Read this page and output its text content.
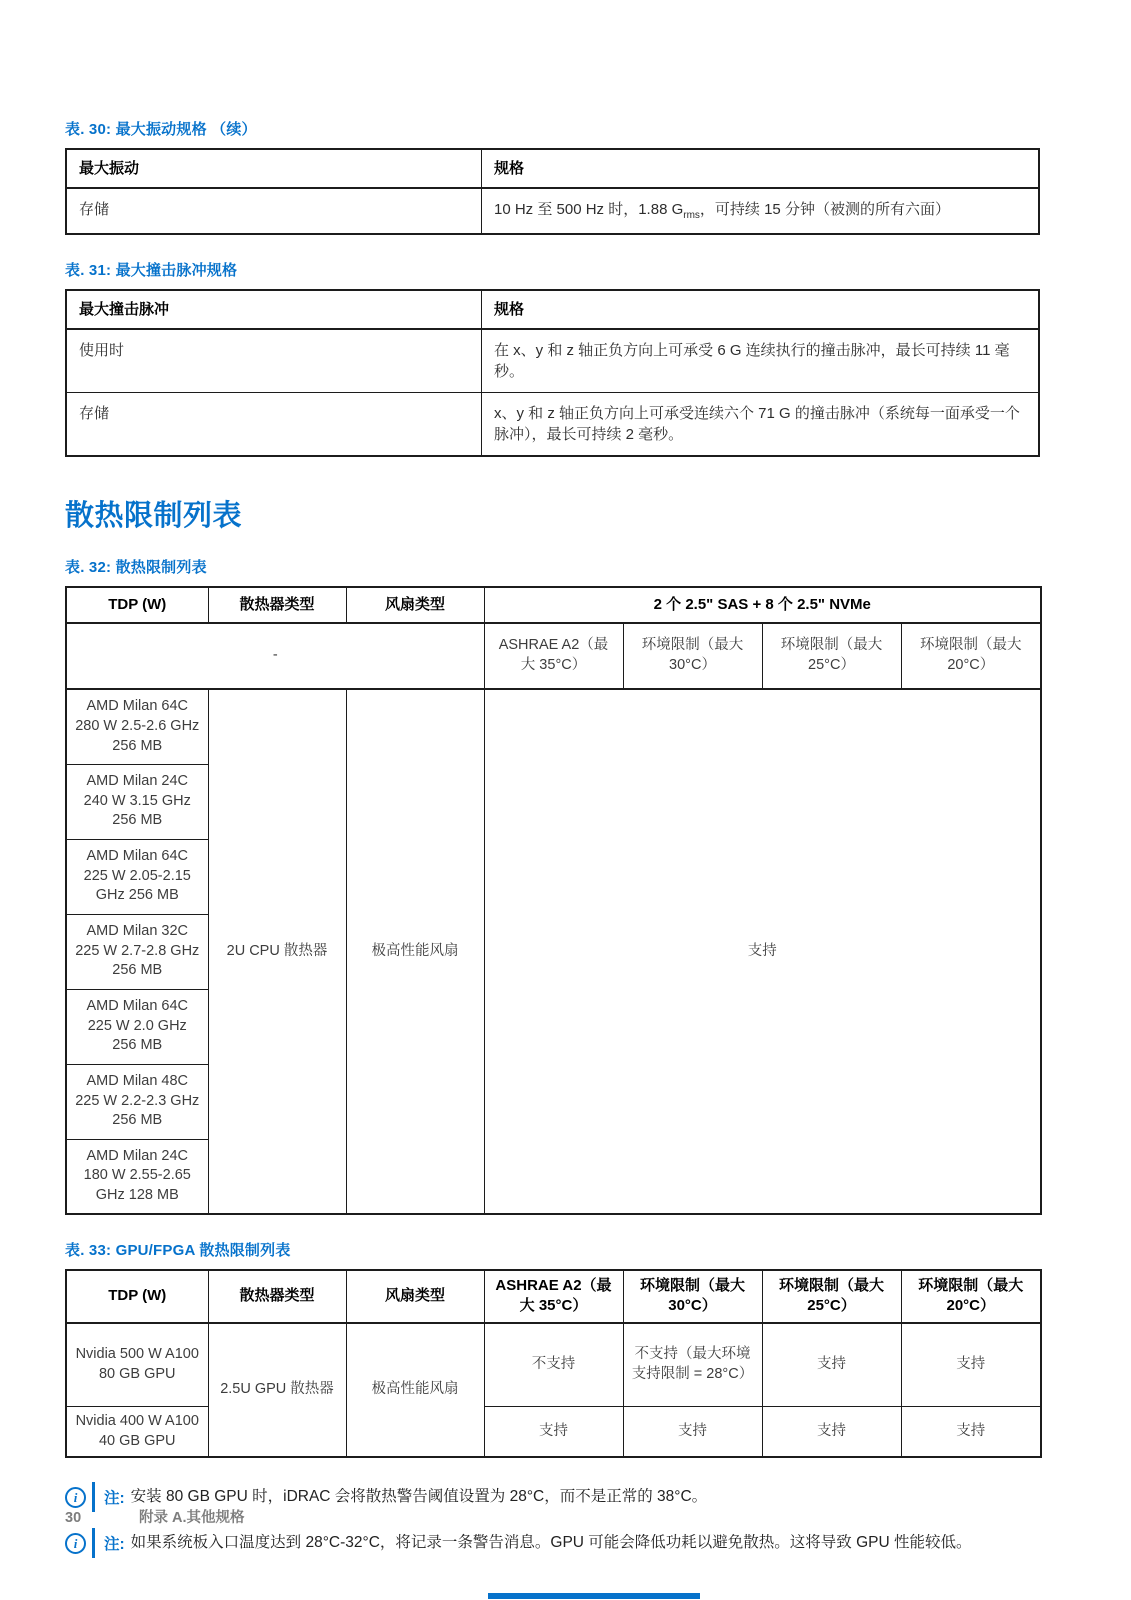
表. 30: 最大振动规格 （续）
最大振动	规格
存储	10 Hz 至 500 Hz 时，1.88 $G_{rms}$，可持续 15 分钟（被测的所有六面）
表. 31: 最大撞击脉冲规格
最大撞击脉冲	规格
使用时	在 x、y 和 z 轴正负方向上可承受 6 G 连续执行的撞击脉冲，最长可持续 11 毫秒。
存储	x、y 和 z 轴正负方向上可承受连续六个 71 G 的撞击脉冲（系统每一面承受一个脉冲），最长可持续 2 毫秒。
散热限制列表
表. 32: 散热限制列表
TDP (W)	散热器类型	风扇类型	2 个 2.5" SAS + 8 个 2.5" NVMe			
-			ASHRAE A2（最大 35°C）	环境限制（最大 30°C）	环境限制（最大 25°C）	环境限制（最大 20°C）
AMD Milan 64C 280 W 2.5-2.6 GHz 256 MB	2U CPU 散热器	极高性能风扇	支持			
AMD Milan 24C 240 W 3.15 GHz 256 MB						
AMD Milan 64C 225 W 2.05-2.15 GHz 256 MB						
AMD Milan 32C 225 W 2.7-2.8 GHz 256 MB						
AMD Milan 64C 225 W 2.0 GHz 256 MB						
AMD Milan 48C 225 W 2.2-2.3 GHz 256 MB						
AMD Milan 24C 180 W 2.55-2.65 GHz 128 MB						
表. 33: GPU/FPGA 散热限制列表
TDP (W)	散热器类型	风扇类型	ASHRAE A2（最大 35°C）	环境限制（最大 30°C）	环境限制（最大 25°C）	环境限制（最大 20°C）
Nvidia 500 W A100 80 GB GPU	2.5U GPU 散热器	极高性能风扇	不支持	不支持（最大环境支持限制 = 28°C）	支持	支持
Nvidia 400 W A100 40 GB GPU			支持	支持	支持	支持
i	注: 安装 80 GB GPU 时，iDRAC 会将散热警告阈值设置为 28°C，而不是正常的 38°C。
i	注: 如果系统板入口温度达到 28°C-32°C，将记录一条警告消息。GPU 可能会降低功耗以避免散热。这将导致 GPU 性能较低。
30	附录 A.其他规格
